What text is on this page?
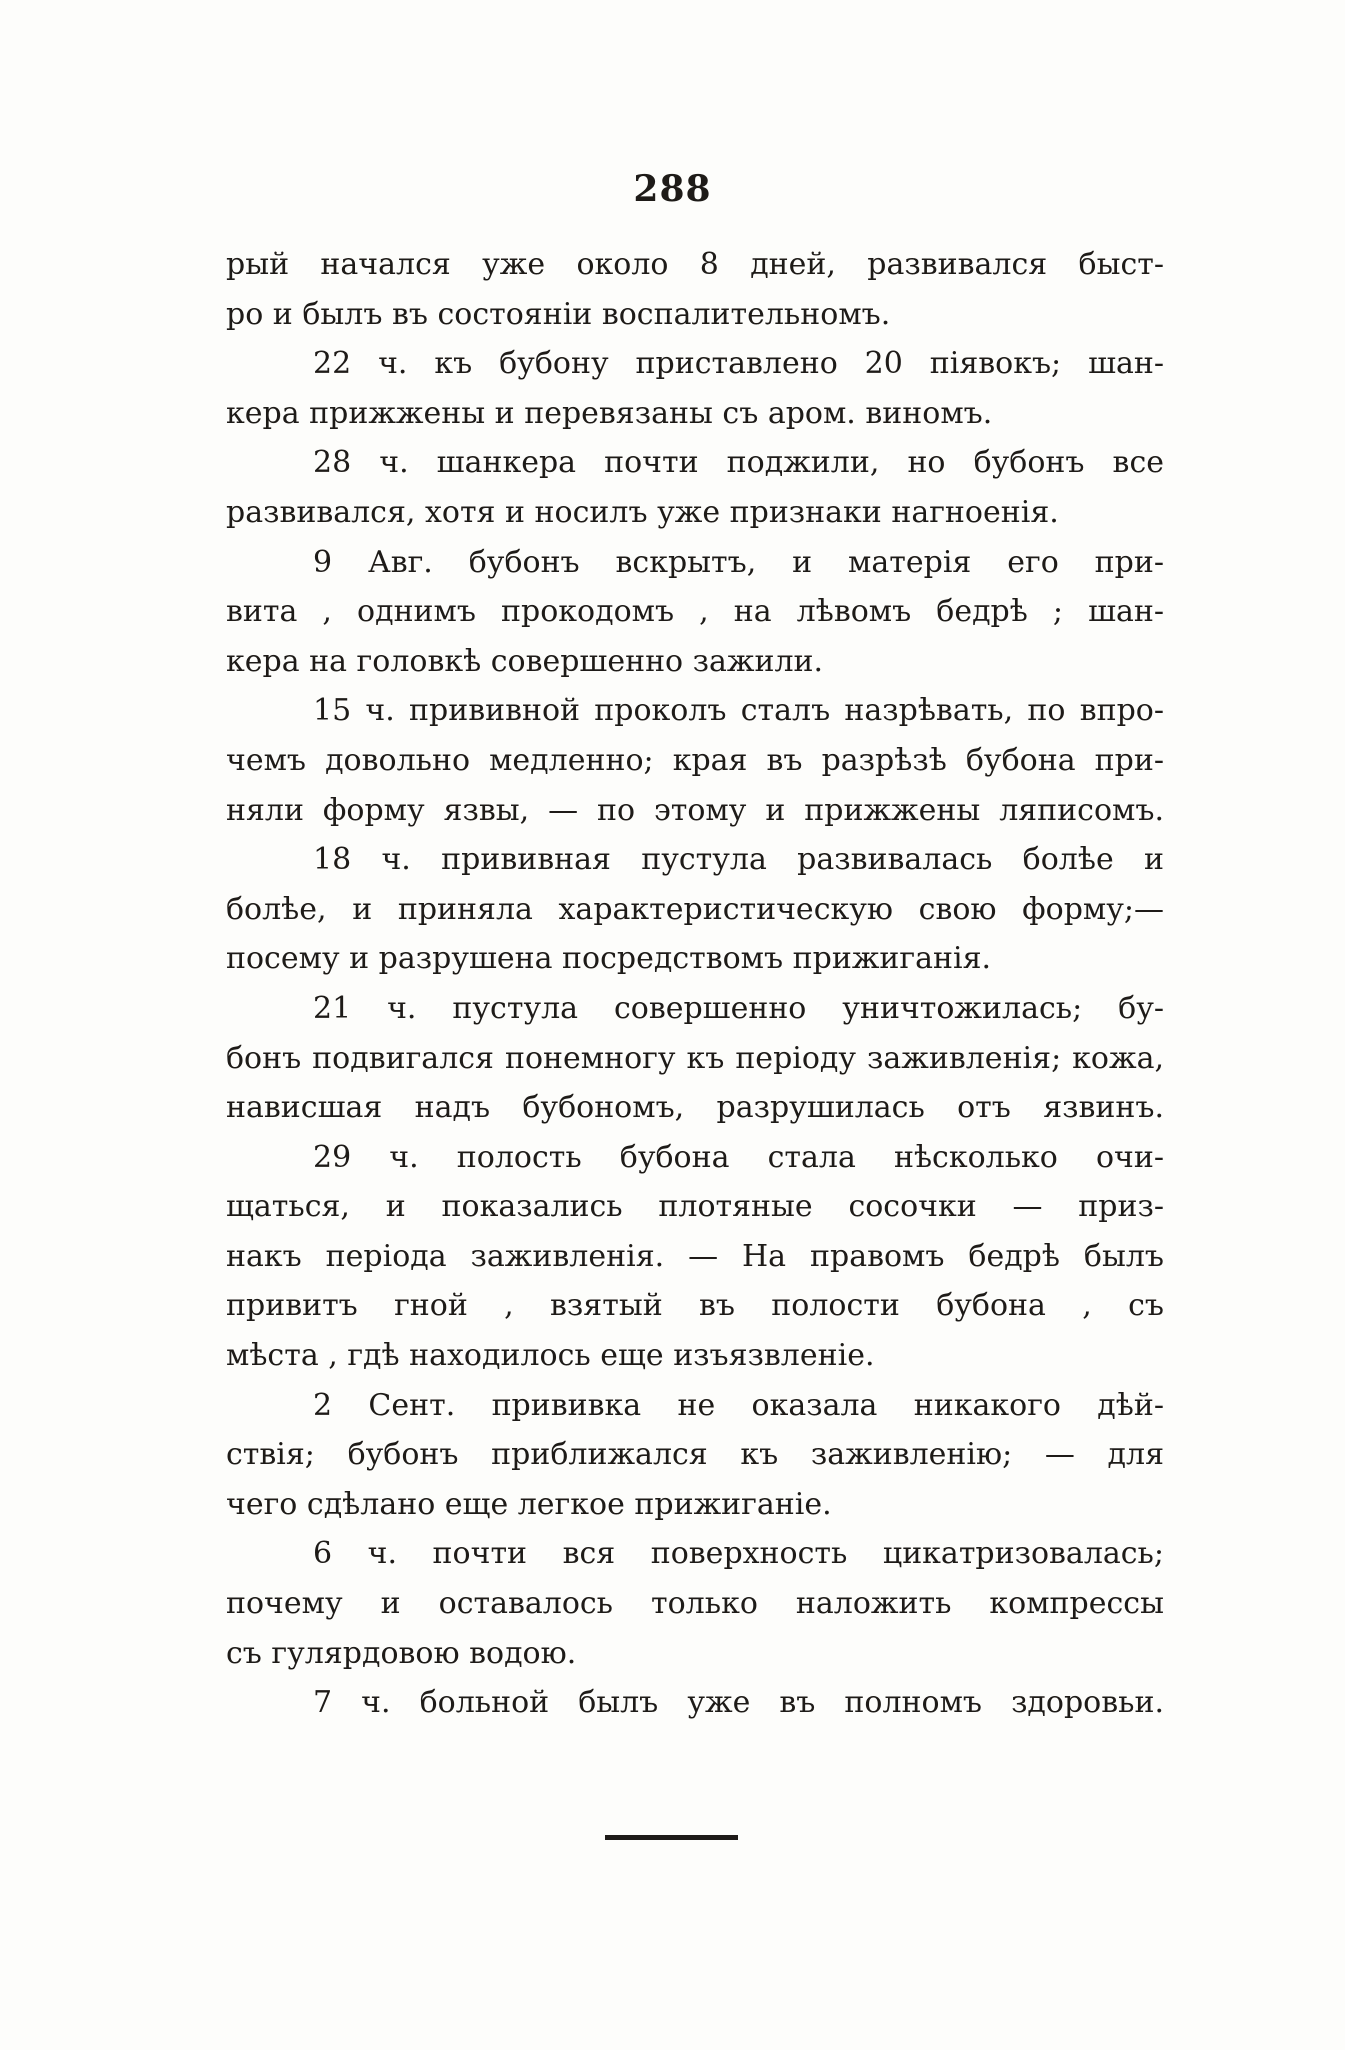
288
рый начался уже около 8 дней, развивался быст-
ро и былъ въ состояніи воспалительномъ.
22 ч. къ бубону приставлено 20 піявокъ; шан-
кера прижжены и перевязаны съ аром. виномъ.
28 ч. шанкера почти поджили, но бубонъ все
развивался, хотя и носилъ уже признаки нагноенія.
9 Авг. бубонъ вскрытъ, и матерія его при-
вита , однимъ прокодомъ , на лѣвомъ бедрѣ ; шан-
кера на головкѣ совершенно зажили.
15 ч. прививной проколъ сталъ назрѣвать, по впро-
чемъ довольно медленно; края въ разрѣзѣ бубона при-
няли форму язвы, — по этому и прижжены ляписомъ.
18 ч. прививная пустула развивалась болѣе и
болѣе, и приняла характеристическую свою форму;—
посему и разрушена посредствомъ прижиганія.
21 ч. пустула совершенно уничтожилась; бу-
бонъ подвигался понемногу къ періоду заживленія; кожа,
нависшая надъ бубономъ, разрушилась отъ язвинъ.
29 ч. полость бубона стала нѣсколько очи-
щаться, и показались плотяные сосочки — приз-
накъ періода заживленія. — На правомъ бедрѣ былъ
привитъ гной , взятый въ полости бубона , съ
мѣста , гдѣ находилось еще изъязвленіе.
2 Сент. прививка не оказала никакого дѣй-
ствія; бубонъ приближался къ заживленію; — для
чего сдѣлано еще легкое прижиганіе.
6 ч. почти вся поверхность цикатризовалась;
почему и оставалось только наложить компрессы
съ гулярдовою водою.
7 ч. больной былъ уже въ полномъ здоровьи.
